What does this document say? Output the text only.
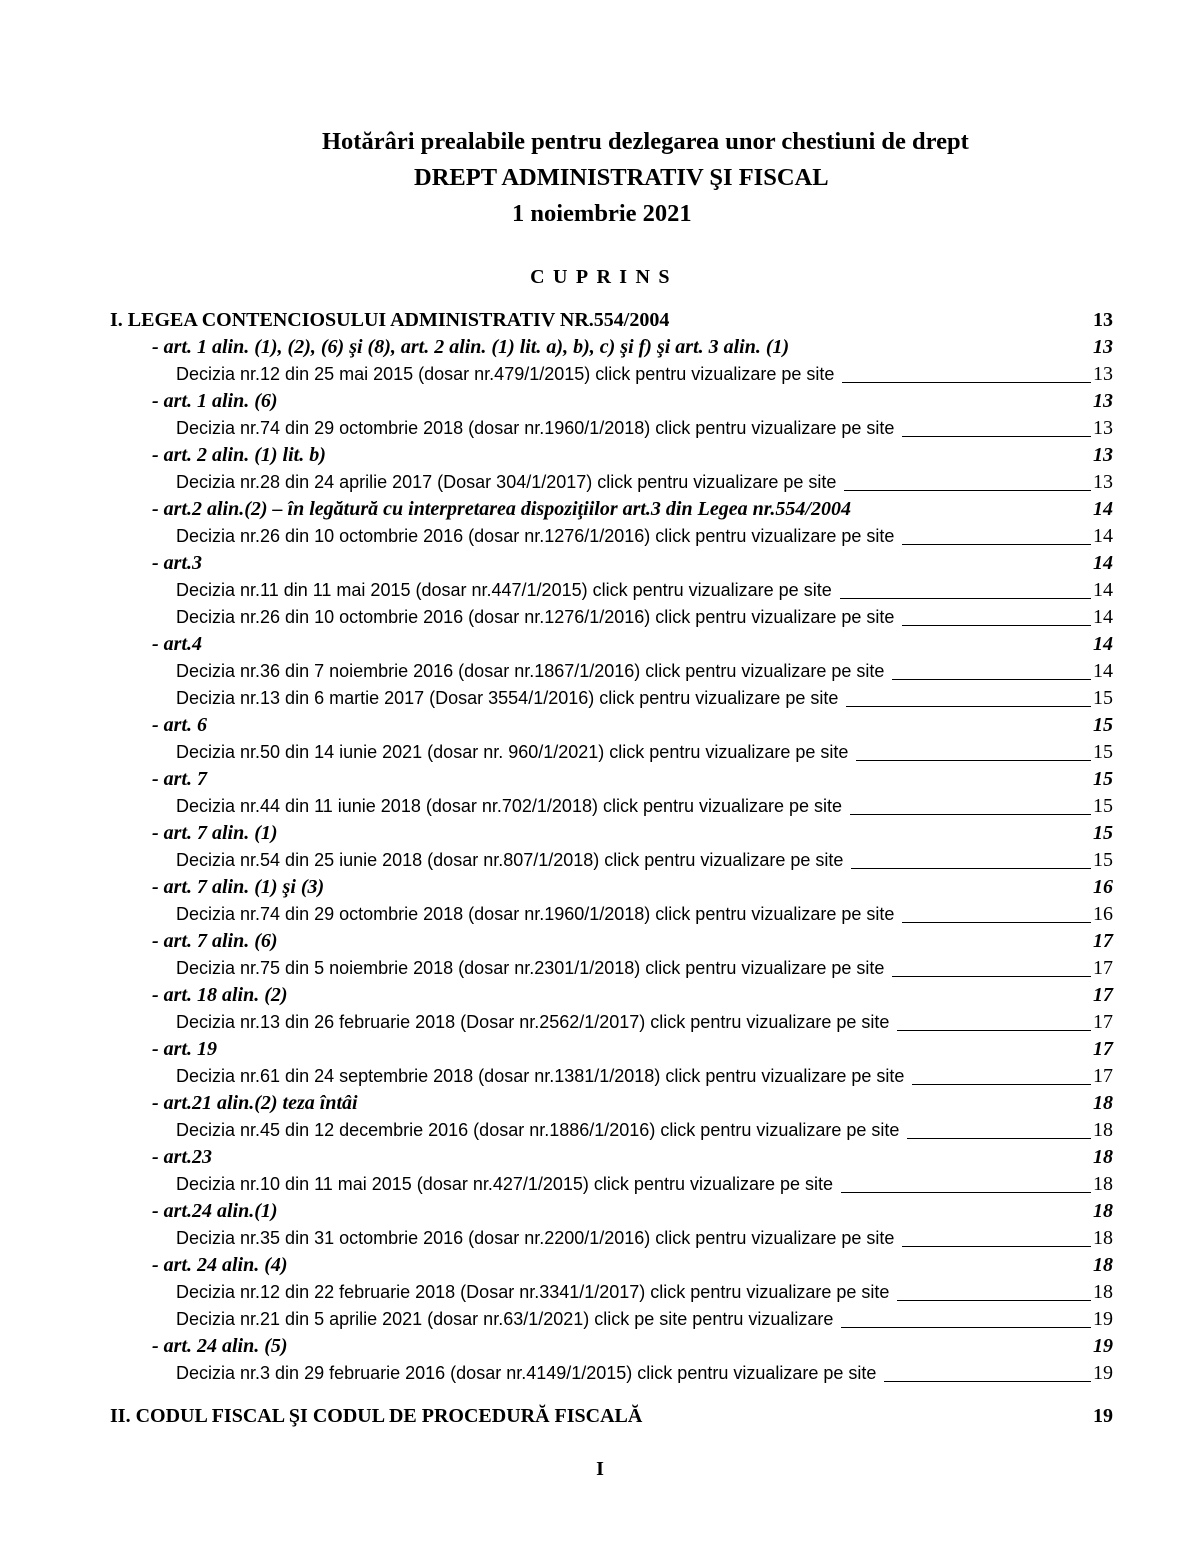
Hotărâri prealabile pentru dezlegarea unor chestiuni de drept
DREPT ADMINISTRATIV ŞI FISCAL
1 noiembrie 2021
CUPRINS
I. LEGEA CONTENCIOSULUI ADMINISTRATIV NR.554/2004	13
- art. 1 alin. (1), (2), (6) şi (8), art. 2 alin. (1) lit. a), b), c) şi f) şi art. 3 alin. (1)	13
Decizia nr.12 din 25 mai 2015 (dosar nr.479/1/2015) click pentru vizualizare pe site	13
- art. 1 alin. (6)	13
Decizia nr.74 din 29 octombrie 2018 (dosar nr.1960/1/2018) click pentru vizualizare pe site	13
- art. 2 alin. (1) lit. b)	13
Decizia nr.28 din 24 aprilie 2017 (Dosar 304/1/2017) click pentru vizualizare pe site	13
- art.2 alin.(2) – în legătură cu interpretarea dispoziţiilor art.3 din Legea nr.554/2004	14
Decizia nr.26 din 10 octombrie 2016 (dosar nr.1276/1/2016) click pentru vizualizare pe site	14
- art.3	14
Decizia nr.11 din 11 mai 2015 (dosar nr.447/1/2015) click pentru vizualizare pe site	14
Decizia nr.26 din 10 octombrie 2016 (dosar nr.1276/1/2016) click pentru vizualizare pe site	14
- art.4	14
Decizia nr.36 din 7 noiembrie 2016 (dosar nr.1867/1/2016) click pentru vizualizare pe site	14
Decizia nr.13 din 6 martie 2017 (Dosar 3554/1/2016) click pentru vizualizare pe site	15
- art. 6	15
Decizia nr.50 din 14 iunie 2021 (dosar nr. 960/1/2021) click pentru vizualizare pe site	15
- art. 7	15
Decizia nr.44 din 11 iunie 2018 (dosar nr.702/1/2018) click pentru vizualizare pe site	15
- art. 7 alin. (1)	15
Decizia nr.54 din 25 iunie 2018 (dosar nr.807/1/2018) click pentru vizualizare pe site	15
- art. 7 alin. (1) şi (3)	16
Decizia nr.74 din 29 octombrie 2018 (dosar nr.1960/1/2018) click pentru vizualizare pe site	16
- art. 7 alin. (6)	17
Decizia nr.75 din 5 noiembrie 2018 (dosar nr.2301/1/2018) click pentru vizualizare pe site	17
- art. 18 alin. (2)	17
Decizia nr.13 din 26 februarie 2018 (Dosar nr.2562/1/2017) click pentru vizualizare pe site	17
- art. 19	17
Decizia nr.61 din 24 septembrie 2018 (dosar nr.1381/1/2018) click pentru vizualizare pe site	17
- art.21 alin.(2) teza întâi	18
Decizia nr.45 din 12 decembrie 2016 (dosar nr.1886/1/2016) click pentru vizualizare pe site	18
- art.23	18
Decizia nr.10 din 11 mai 2015 (dosar nr.427/1/2015) click pentru vizualizare pe site	18
- art.24 alin.(1)	18
Decizia nr.35 din 31 octombrie 2016 (dosar nr.2200/1/2016) click pentru vizualizare pe site	18
- art. 24 alin. (4)	18
Decizia nr.12 din 22 februarie 2018 (Dosar nr.3341/1/2017) click pentru vizualizare pe site	18
Decizia nr.21 din 5 aprilie 2021 (dosar nr.63/1/2021) click pe site pentru vizualizare	19
- art. 24 alin. (5)	19
Decizia nr.3 din 29 februarie 2016 (dosar nr.4149/1/2015) click pentru vizualizare pe site	19
II. CODUL FISCAL ŞI CODUL DE PROCEDURĂ FISCALĂ	19
I
